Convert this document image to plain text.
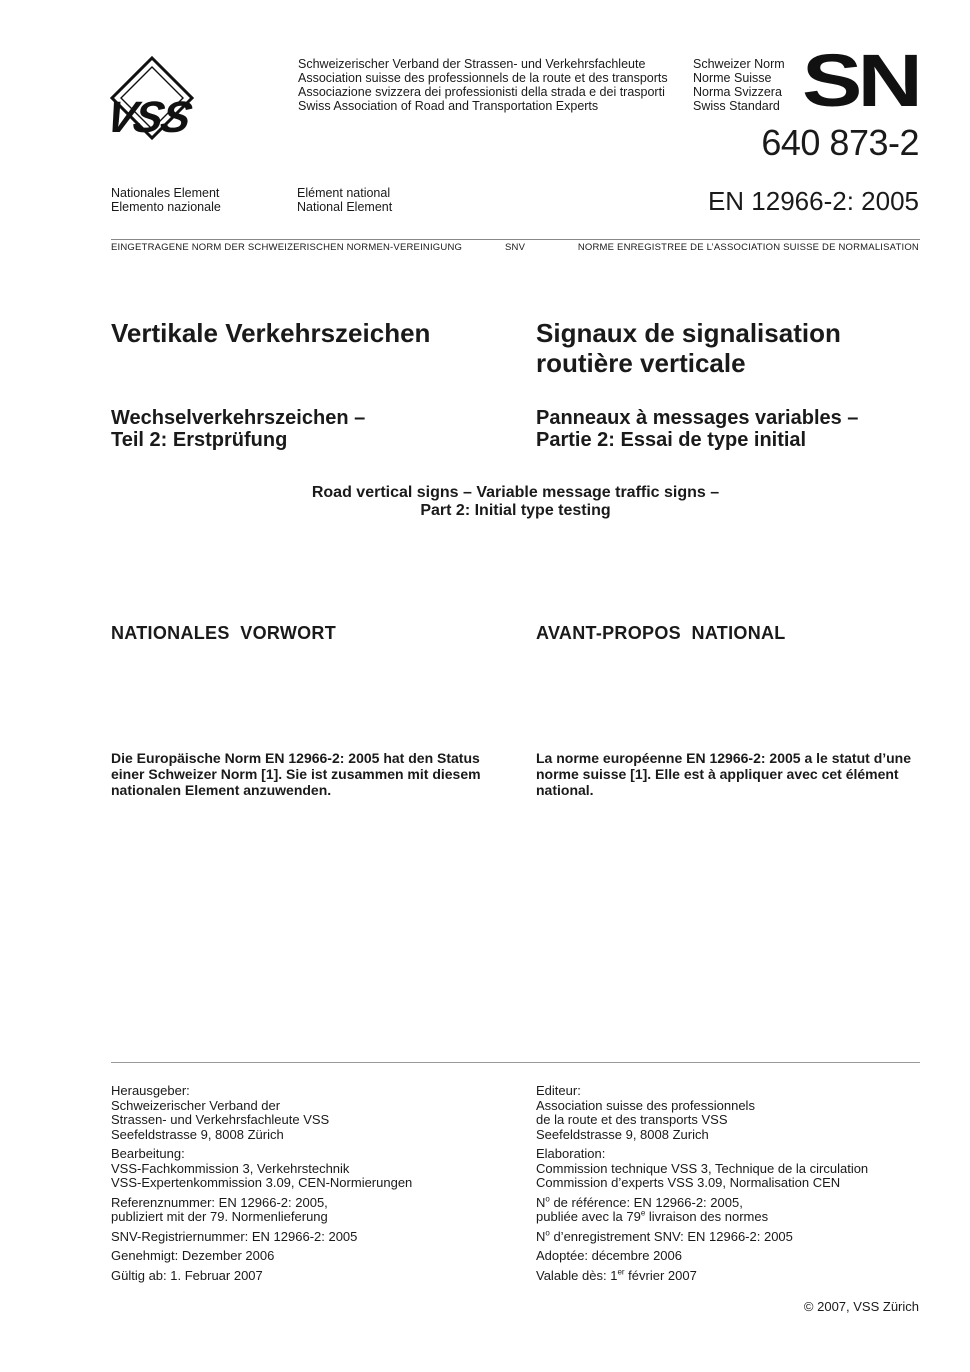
VSS
Schweizerischer Verband der Strassen- und Verkehrsfachleute
Association suisse des professionnels de la route et des transports
Associazione svizzera dei professionisti della strada e dei trasporti
Swiss Association of Road and Transportation Experts
Schweizer Norm
Norme Suisse
Norma Svizzera
Swiss Standard SN
640 873-2
EN 12966-2: 2005
Nationales Element
Elemento nazionale
Elément national
National Element
EINGETRAGENE NORM DER SCHWEIZERISCHEN NORMEN-VEREINIGUNG	SNV	NORME ENREGISTREE DE L’ASSOCIATION SUISSE DE NORMALISATION
Vertikale Verkehrszeichen	Signaux de signalisation
routière verticale
Wechselverkehrszeichen –
Teil 2: Erstprüfung
Panneaux à messages variables –
Partie 2: Essai de type initial
Road vertical signs – Variable message traffic signs –
Part 2: Initial type testing
NATIONALES  VORWORT	AVANT-PROPOS  NATIONAL
Die Europäische Norm EN 12966-2: 2005 hat den Status
einer Schweizer Norm [1]. Sie ist zusammen mit diesem
nationalen Element anzuwenden.
La norme européenne EN 12966-2: 2005 a le statut d’une
norme suisse [1]. Elle est à appliquer avec cet élément
national.
Herausgeber:
Schweizerischer Verband der
Strassen- und Verkehrsfachleute VSS
Seefeldstrasse 9, 8008 Zürich
Bearbeitung:
VSS-Fachkommission 3, Verkehrstechnik
VSS-Expertenkommission 3.09, CEN-Normierungen
Referenznummer: EN 12966-2: 2005,
publiziert mit der 79. Normenlieferung
SNV-Registriernummer: EN 12966-2: 2005
Genehmigt: Dezember 2006
Gültig ab: 1. Februar 2007
Editeur:
Association suisse des professionnels
de la route et des transports VSS
Seefeldstrasse 9, 8008 Zurich
Elaboration:
Commission technique VSS 3, Technique de la circulation
Commission d’experts VSS 3.09, Normalisation CEN
$N^o$ de référence: EN 12966-2: 2005,
publiée avec la 79e livraison des normes
$N^o$ d’enregistrement SNV: EN 12966-2: 2005
Adoptée: décembre 2006
Valable dès: 1er février 2007
© 2007, VSS Zürich
